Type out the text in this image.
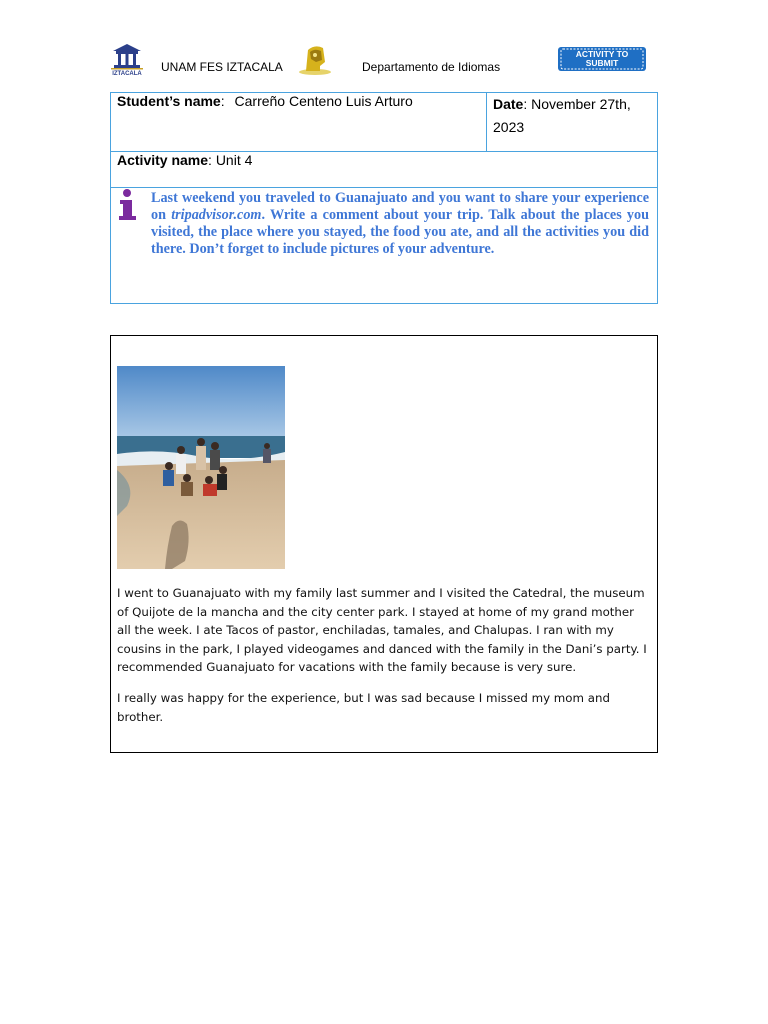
IZTACALA UNAM FES IZTACALA	Departamento de Idiomas
ACTIVITY TO
SUBMIT
Student’s name: Carreño Centeno Luis Arturo	Date: November 27th, 2023
Activity name: Unit 4

Last weekend you traveled to Guanajuato and you want to share your experience on tripadvisor.com. Write a comment about your trip. Talk about the places you visited, the place where you stayed, the food you ate, and all the activities you did there. Don’t forget to include pictures of your adventure.

I went to Guanajuato with my family last summer and I visited the Catedral, the museum of Quijote de la mancha and the city center park. I stayed at home of my grand mother all the week. I ate Tacos of pastor, enchiladas, tamales, and Chalupas. I ran with my cousins in the park, I played videogames and danced with the family in the Dani’s party. I recommended Guanajuato for vacations with the family because is very sure.

I really was happy for the experience, but I was sad because I missed my mom and brother.
